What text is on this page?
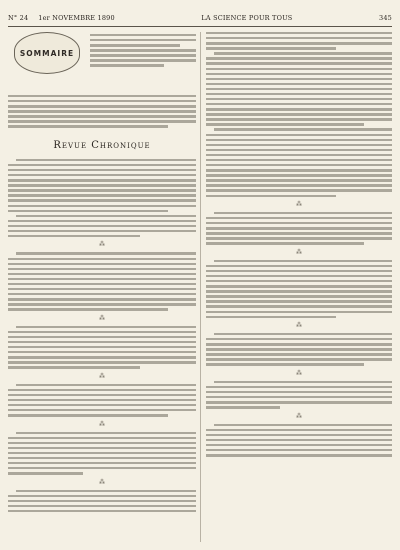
N° 24 1er NOVEMBRE 1890	LA SCIENCE POUR TOUS	345
SOMMAIRE
Revue Chronique
⁂
⁂
⁂
⁂
⁂
⁂
⁂
⁂
⁂
⁂
